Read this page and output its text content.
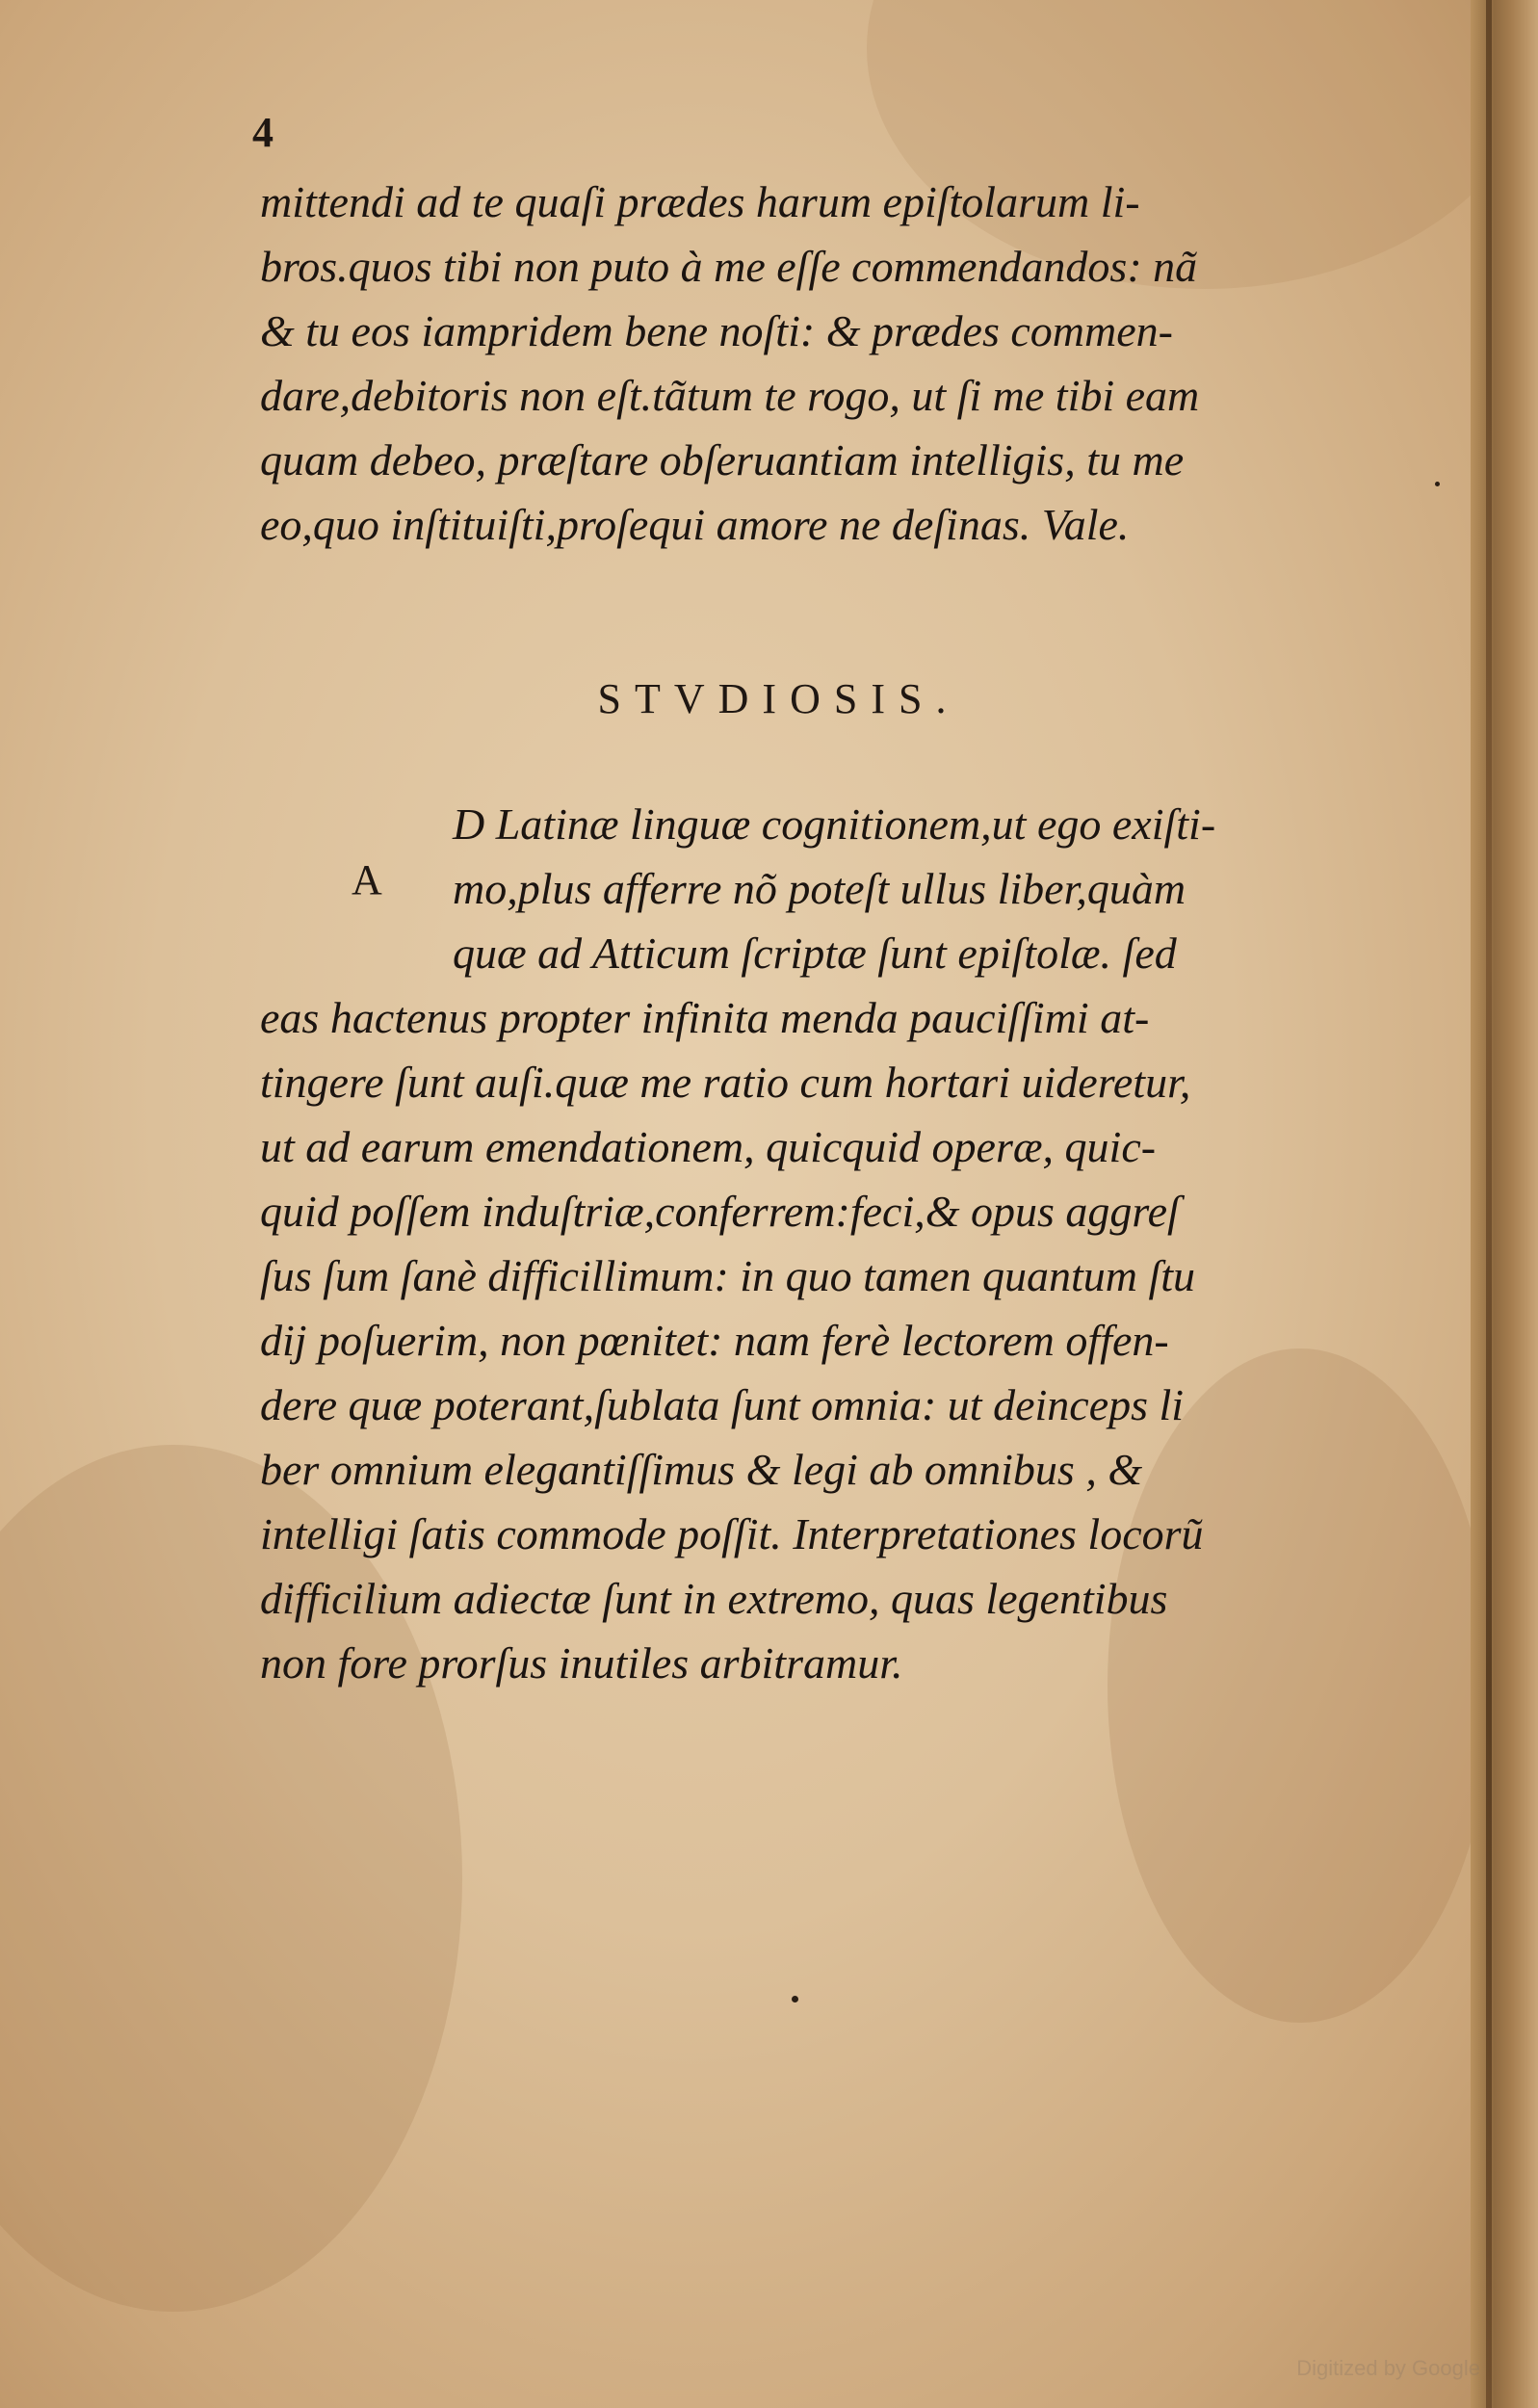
4
mittendi ad te quaſi prædes harum epiſtolarum li-
bros.quos tibi non puto à me eſſe commendandos: nã
& tu eos iampridem bene noſti: & prædes commen-
dare,debitoris non eſt.tãtum te rogo, ut ſi me tibi eam
quam debeo, præſtare obſeruantiam intelligis, tu me
eo,quo inſtituiſti,proſequi amore ne deſinas. Vale.
STVDIOSIS.
A
D Latinæ linguæ cognitionem,ut ego exiſti-
mo,plus afferre nõ poteſt ullus liber,quàm
quæ ad Atticum ſcriptæ ſunt epiſtolæ. ſed
eas hactenus propter infinita menda pauciſſimi at-
tingere ſunt auſi.quæ me ratio cum hortari uideretur,
ut ad earum emendationem, quicquid operæ, quic-
quid poſſem induſtriæ,conferrem:feci,& opus aggreſ
ſus ſum ſanè difficillimum: in quo tamen quantum ſtu
dij poſuerim, non pœnitet: nam ferè lectorem offen-
dere quæ poterant,ſublata ſunt omnia: ut deinceps li
ber omnium elegantiſſimus & legi ab omnibus , &
intelligi ſatis commode poſſit. Interpretationes locorũ
difficilium adiectæ ſunt in extremo, quas legentibus
non fore prorſus inutiles arbitramur.
Digitized by Google
